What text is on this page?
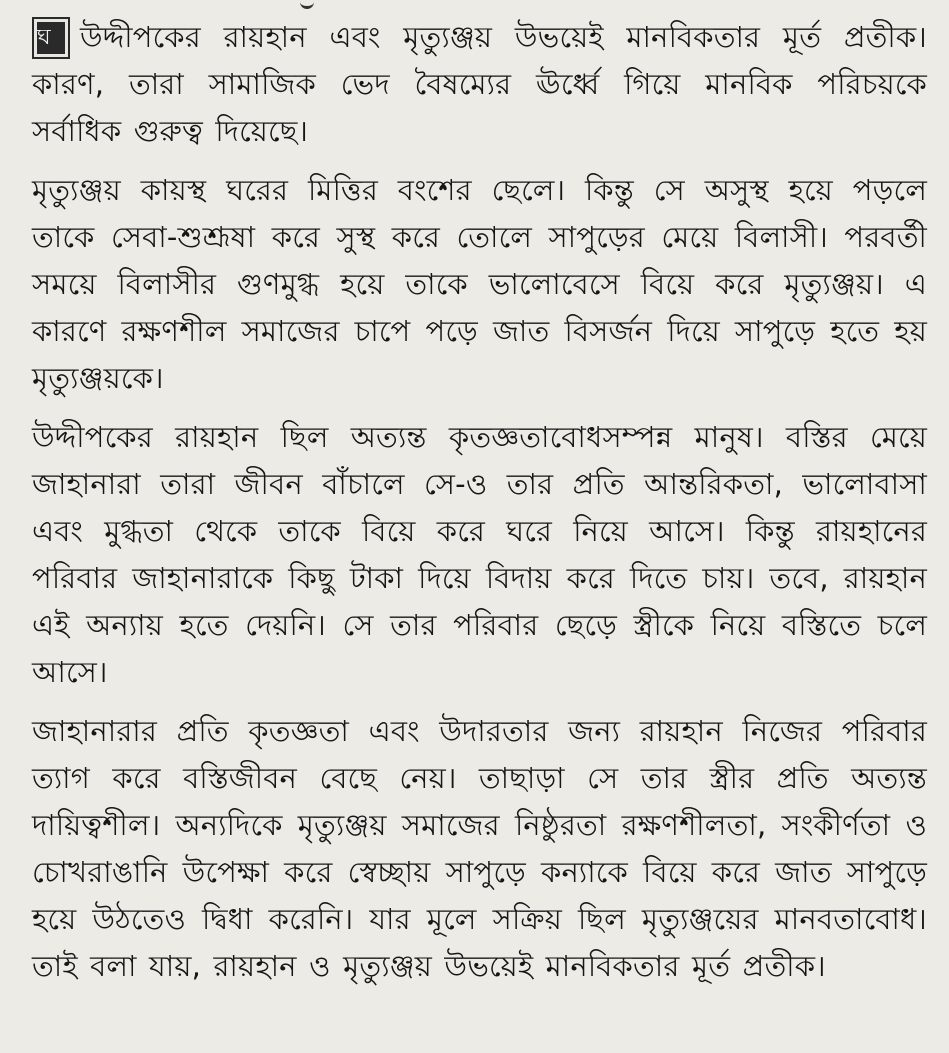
ঘ উদ্দীপকের রায়হান এবং মৃত্যুঞ্জয় উভয়েই মানবিকতার মূর্ত প্রতীক। কারণ, তারা সামাজিক ভেদ বৈষম্যের ঊর্ধ্বে গিয়ে মানবিক পরিচয়কে সর্বাধিক গুরুত্ব দিয়েছে।

মৃত্যুঞ্জয় কায়স্থ ঘরের মিত্তির বংশের ছেলে। কিন্তু সে অসুস্থ হয়ে পড়লে তাকে সেবা-শুশ্রূষা করে সুস্থ করে তোলে সাপুড়ের মেয়ে বিলাসী। পরবর্তী সময়ে বিলাসীর গুণমুগ্ধ হয়ে তাকে ভালোবেসে বিয়ে করে মৃত্যুঞ্জয়। এ কারণে রক্ষণশীল সমাজের চাপে পড়ে জাত বিসর্জন দিয়ে সাপুড়ে হতে হয় মৃত্যুঞ্জয়কে।

উদ্দীপকের রায়হান ছিল অত্যন্ত কৃতজ্ঞতাবোধসম্পন্ন মানুষ। বস্তির মেয়ে জাহানারা তারা জীবন বাঁচালে সে-ও তার প্রতি আন্তরিকতা, ভালোবাসা এবং মুগ্ধতা থেকে তাকে বিয়ে করে ঘরে নিয়ে আসে। কিন্তু রায়হানের পরিবার জাহানারাকে কিছু টাকা দিয়ে বিদায় করে দিতে চায়। তবে, রায়হান এই অন্যায় হতে দেয়নি। সে তার পরিবার ছেড়ে স্ত্রীকে নিয়ে বস্তিতে চলে আসে।

জাহানারার প্রতি কৃতজ্ঞতা এবং উদারতার জন্য রায়হান নিজের পরিবার ত্যাগ করে বস্তিজীবন বেছে নেয়। তাছাড়া সে তার স্ত্রীর প্রতি অত্যন্ত দায়িত্বশীল। অন্যদিকে মৃত্যুঞ্জয় সমাজের নিষ্ঠুরতা রক্ষণশীলতা, সংকীর্ণতা ও চোখরাঙানি উপেক্ষা করে স্বেচ্ছায় সাপুড়ে কন্যাকে বিয়ে করে জাত সাপুড়ে হয়ে উঠতেও দ্বিধা করেনি। যার মূলে সক্রিয় ছিল মৃত্যুঞ্জয়ের মানবতাবোধ। তাই বলা যায়, রায়হান ও মৃত্যুঞ্জয় উভয়েই মানবিকতার মূর্ত প্রতীক।
